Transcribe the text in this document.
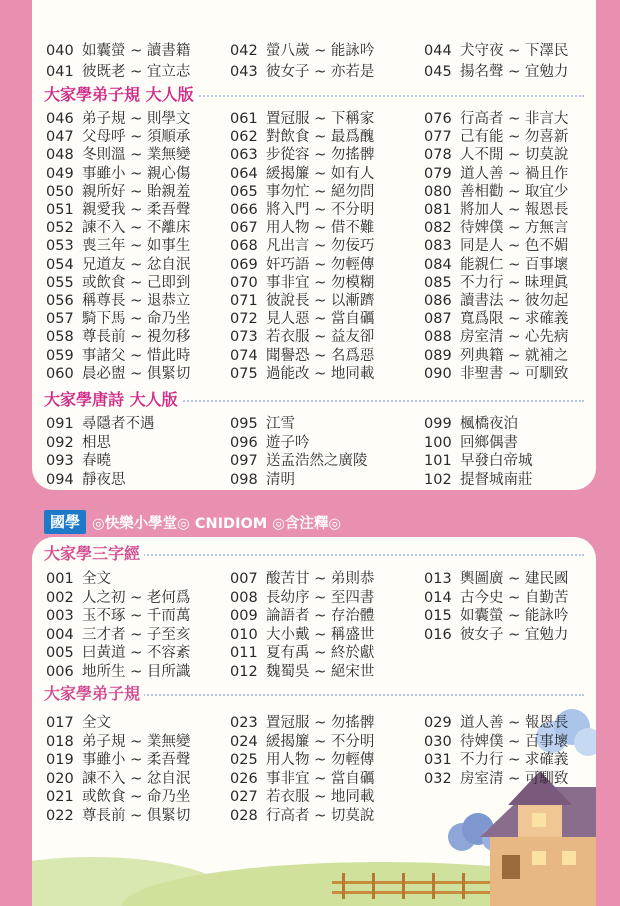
040 如囊螢 ~ 讀書籍	042 螢八歲 ~ 能詠吟	044 犬守夜 ~ 下澤民
041 彼既老 ~ 宜立志	043 彼女子 ~ 亦若是	045 揚名聲 ~ 宜勉力
大家學弟子規 大人版
046 弟子規 ~ 則學文	061 置冠服 ~ 下稱家	076 行高者 ~ 非言大
047 父母呼 ~ 須順承	062 對飲食 ~ 最爲醜	077 己有能 ~ 勿喜新
048 冬則溫 ~ 業無變	063 步從容 ~ 勿搖髀	078 人不閒 ~ 切莫說
049 事雖小 ~ 親心傷	064 緩揭簾 ~ 如有人	079 道人善 ~ 禍且作
050 親所好 ~ 貽親羞	065 事勿忙 ~ 絕勿問	080 善相勸 ~ 取宜少
051 親愛我 ~ 柔吾聲	066 將入門 ~ 不分明	081 將加人 ~ 報恩長
052 諫不入 ~ 不離床	067 用人物 ~ 借不難	082 待婢僕 ~ 方無言
053 喪三年 ~ 如事生	068 凡出言 ~ 勿佞巧	083 同是人 ~ 色不媚
054 兄道友 ~ 忿自泯	069 奸巧語 ~ 勿輕傳	084 能親仁 ~ 百事壞
055 或飲食 ~ 己即到	070 事非宜 ~ 勿模糊	085 不力行 ~ 昧理眞
056 稱尊長 ~ 退恭立	071 彼說長 ~ 以漸躋	086 讀書法 ~ 彼勿起
057 騎下馬 ~ 命乃坐	072 見人惡 ~ 當自礪	087 寬爲限 ~ 求確義
058 尊長前 ~ 視勿移	073 若衣服 ~ 益友卻	088 房室清 ~ 心先病
059 事諸父 ~ 惜此時	074 聞譽恐 ~ 名爲惡	089 列典籍 ~ 就補之
060 晨必盥 ~ 俱緊切	075 過能改 ~ 地同載	090 非聖書 ~ 可馴致
大家學唐詩 大人版
091 尋隱者不遇	095 江雪	099 楓橋夜泊
092 相思	096 遊子吟	100 回鄉偶書
093 春曉	097 送孟浩然之廣陵	101 早發白帝城
094 靜夜思	098 清明	102 提督城南莊
國學 ◎快樂小學堂◎ CNIDIOM ◎含注釋◎
大家學三字經
001 全文	007 酸苦甘 ~ 弟則恭	013 輿圖廣 ~ 建民國
002 人之初 ~ 老何爲	008 長幼序 ~ 至四書	014 古今史 ~ 自勤苦
003 玉不琢 ~ 千而萬	009 論語者 ~ 存治體	015 如囊螢 ~ 能詠吟
004 三才者 ~ 子至亥	010 大小戴 ~ 稱盛世	016 彼女子 ~ 宜勉力
005 曰黃道 ~ 不容紊	011 夏有禹 ~ 終於獻
006 地所生 ~ 目所識	012 魏蜀吳 ~ 絕宋世
大家學弟子規
017 全文	023 置冠服 ~ 勿搖髀	029 道人善 ~ 報恩長
018 弟子規 ~ 業無變	024 緩揭簾 ~ 不分明	030 待婢僕 ~ 百事壞
019 事雖小 ~ 柔吾聲	025 用人物 ~ 勿輕傳	031 不力行 ~ 求確義
020 諫不入 ~ 忿自泯	026 事非宜 ~ 當自礪	032 房室清 ~ 可馴致
021 或飲食 ~ 命乃坐	027 若衣服 ~ 地同載
022 尊長前 ~ 俱緊切	028 行高者 ~ 切莫說
